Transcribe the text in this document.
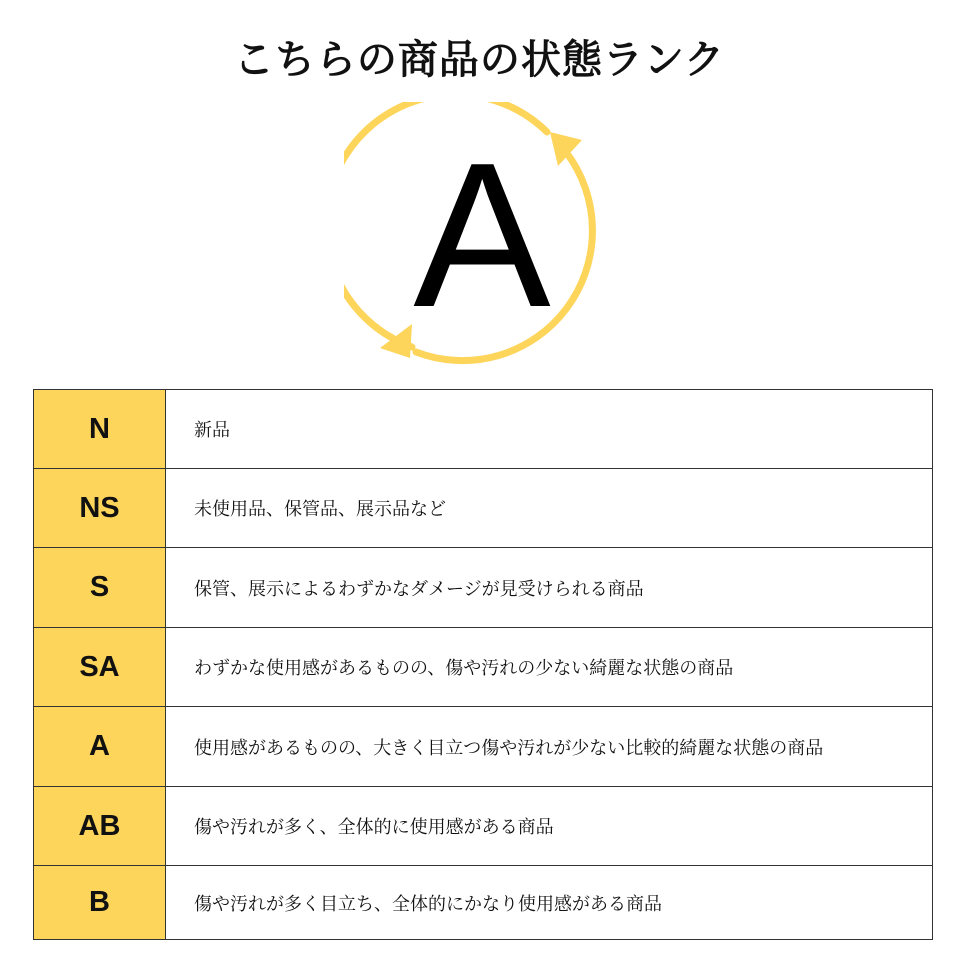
こちらの商品の状態ランク
A
N	新品
NS	未使用品、保管品、展示品など
S	保管、展示によるわずかなダメージが見受けられる商品
SA	わずかな使用感があるものの、傷や汚れの少ない綺麗な状態の商品
A	使用感があるものの、大きく目立つ傷や汚れが少ない比較的綺麗な状態の商品
AB	傷や汚れが多く、全体的に使用感がある商品
B	傷や汚れが多く目立ち、全体的にかなり使用感がある商品
